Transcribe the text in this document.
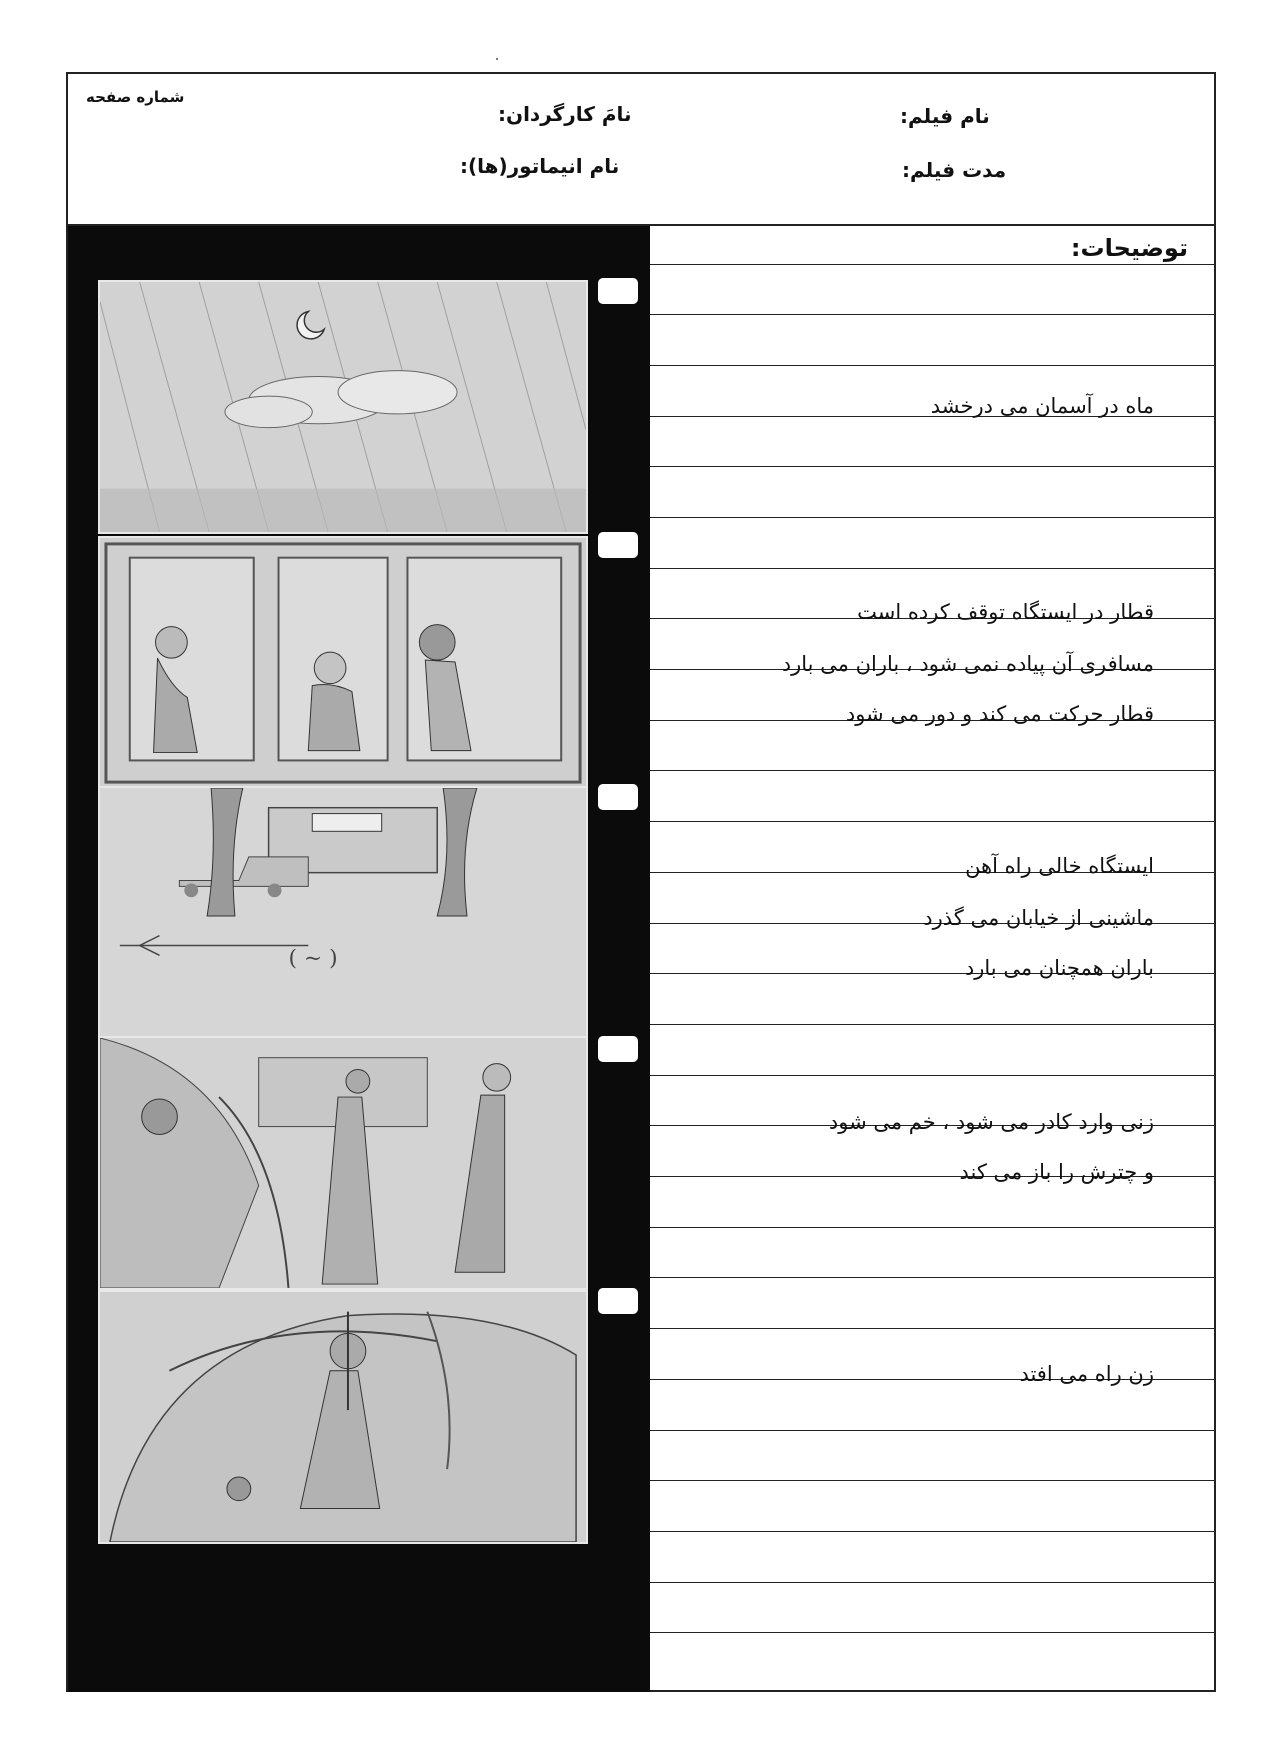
شماره صفحه
نامَ کارگردان:	نام فیلم:
نام انیماتور(ها):	مدت فیلم:
( ~ )
توضیحات:
ماه در آسمان می درخشد
قطار در ایستگاه توقف کرده است
مسافری آن پیاده نمی شود ، باران می بارد
قطار حرکت می کند و دور می شود
ایستگاه خالی راه آهن
ماشینی از خیابان می گذرد
باران همچنان می بارد
زنی وارد کادر می شود ، خم می شود
و چترش را باز می کند
زن راه می افتد
